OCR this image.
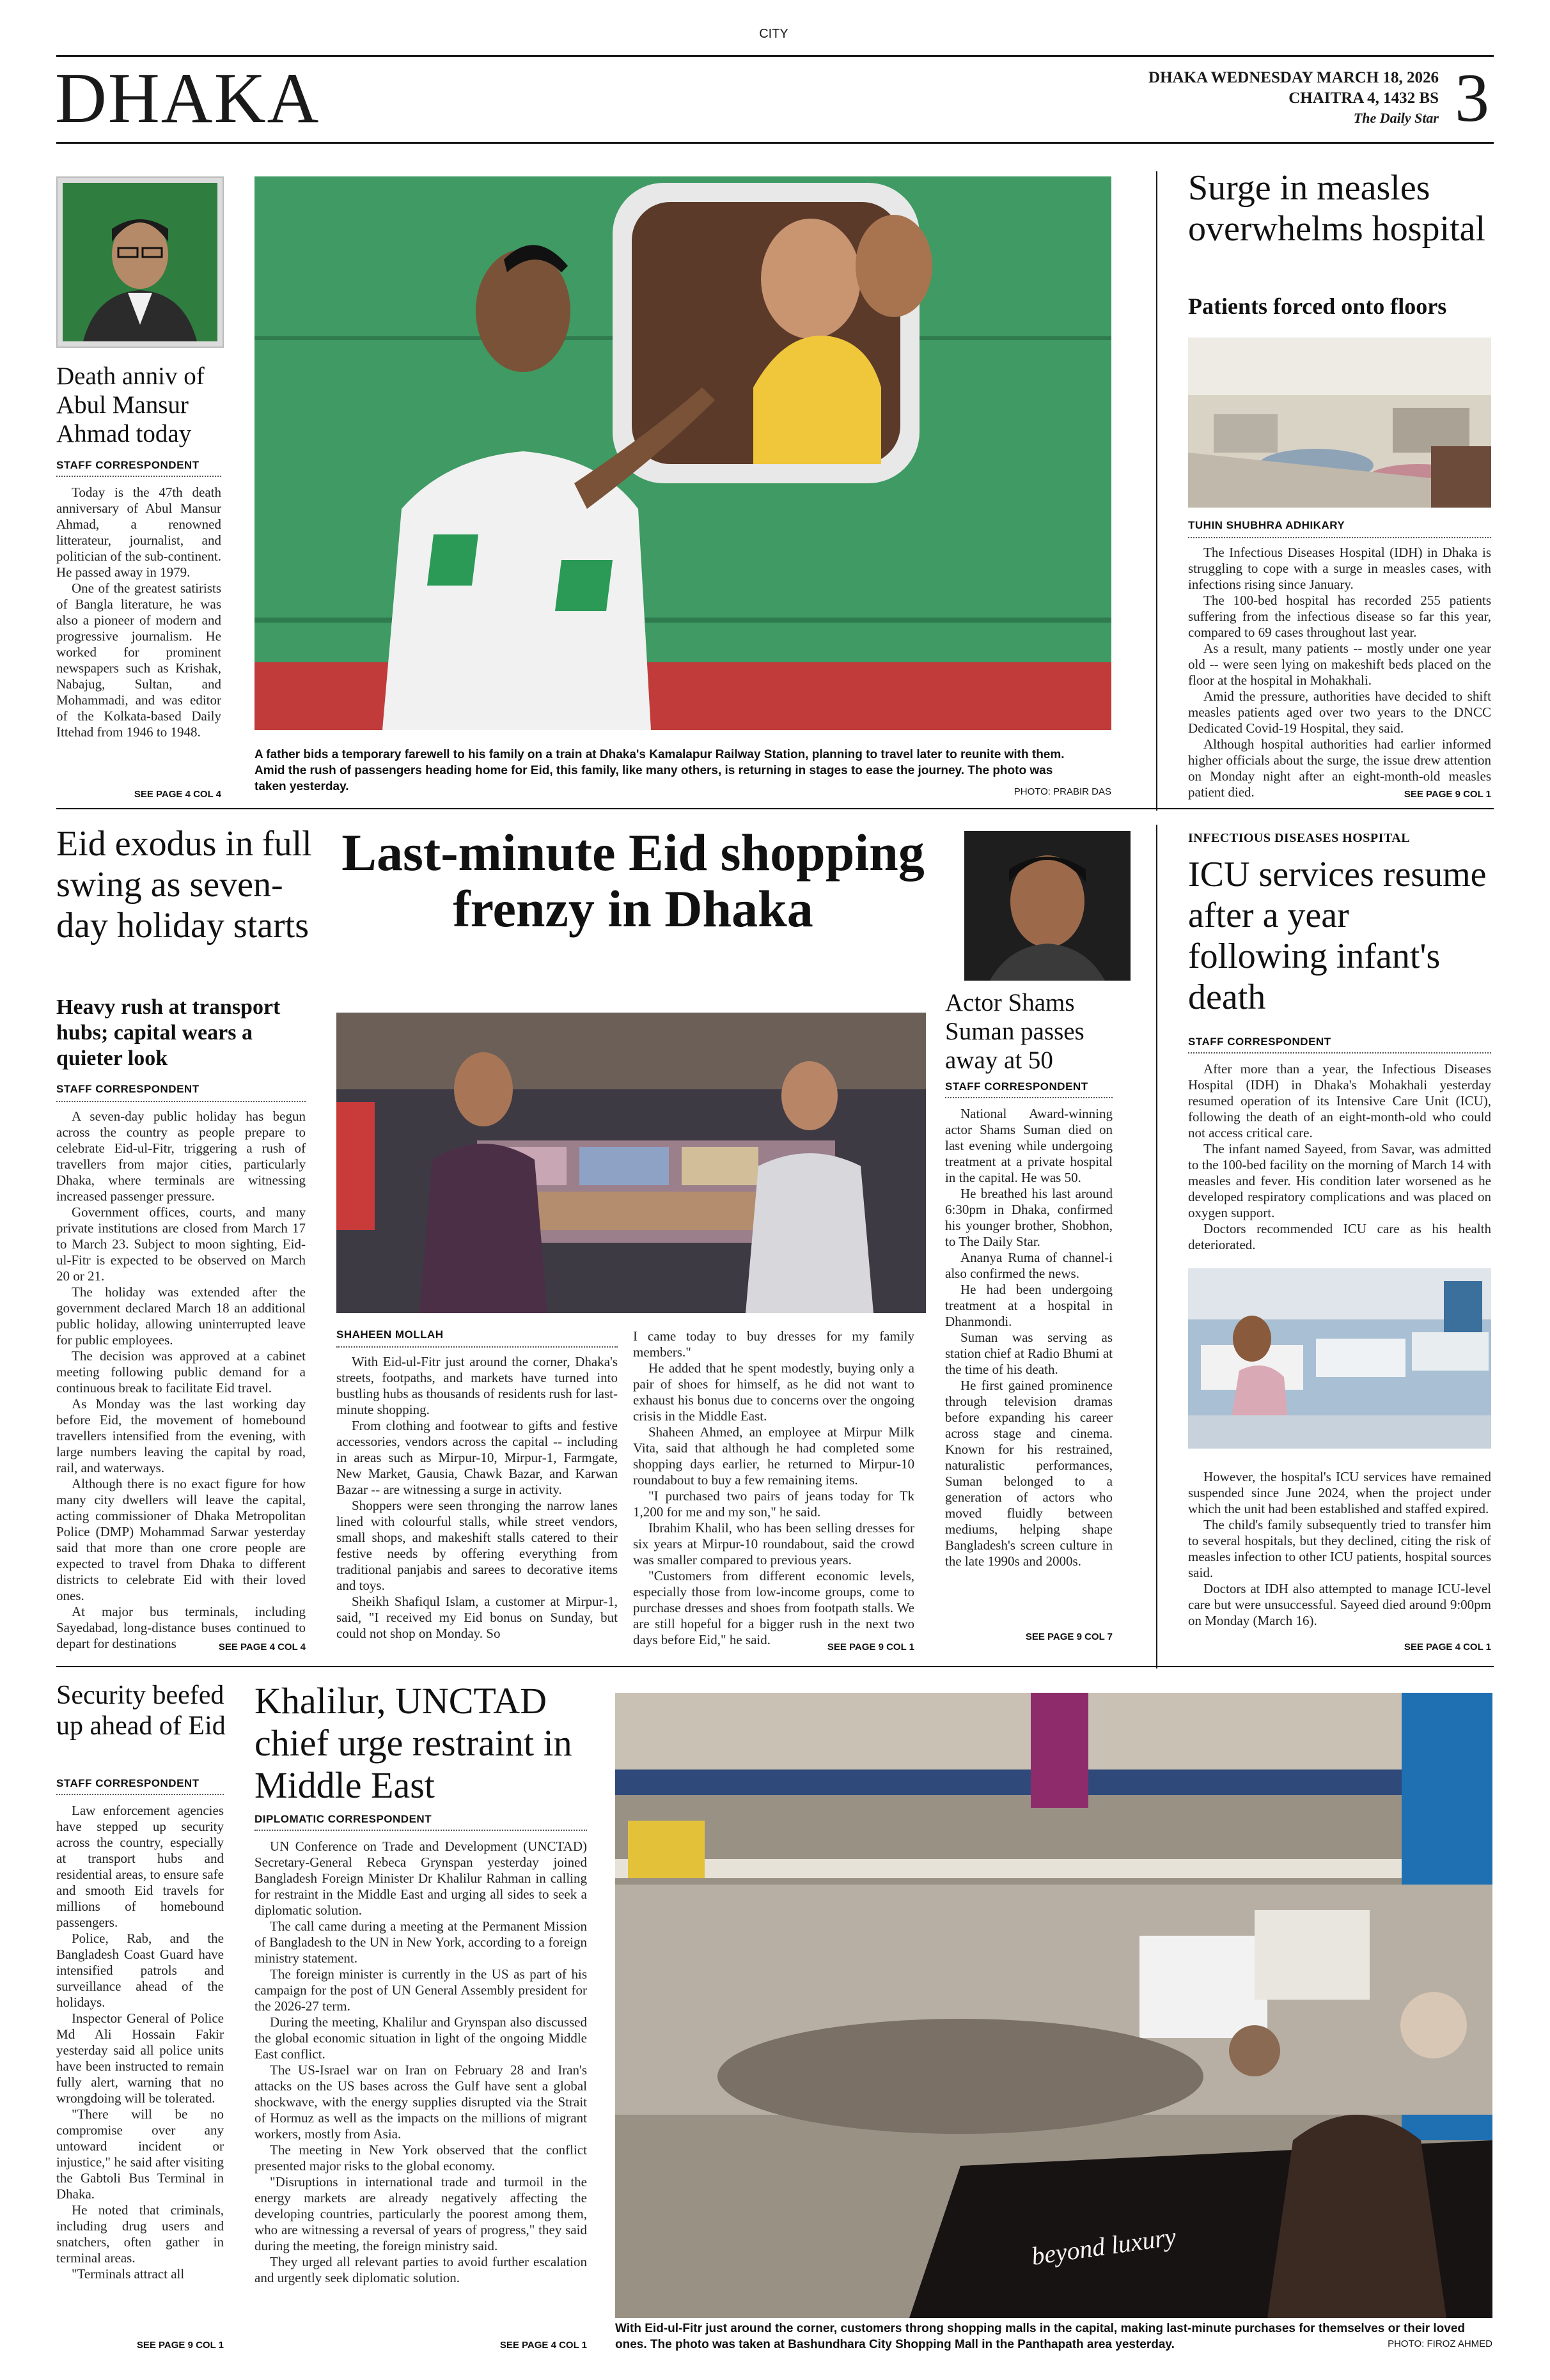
CITY
DHAKA	DHAKA WEDNESDAY MARCH 18, 2026
CHAITRA 4, 1432 BS
The Daily Star 3
Death anniv of Abul Mansur Ahmad today
STAFF CORRESPONDENT

Today is the 47th death anniversary of Abul Mansur Ahmad, a renowned litterateur, journalist, and politician of the sub-continent. He passed away in 1979.

One of the greatest satirists of Bangla literature, he was also a pioneer of modern and progressive journalism. He worked for prominent newspapers such as Krishak, Nabajug, Sultan, and Mohammadi, and was editor of the Kolkata-based Daily Ittehad from 1946 to 1948.

SEE PAGE 4 COL 4
A father bids a temporary farewell to his family on a train at Dhaka's Kamalapur Railway Station, planning to travel later to reunite with them. Amid the rush of passengers heading home for Eid, this family, like many others, is returning in stages to ease the journey. The photo was taken yesterday.	PHOTO: PRABIR DAS
Surge in measles overwhelms hospital
Patients forced onto floors
TUHIN SHUBHRA ADHIKARY

The Infectious Diseases Hospital (IDH) in Dhaka is struggling to cope with a surge in measles cases, with infections rising since January.

The 100-bed hospital has recorded 255 patients suffering from the infectious disease so far this year, compared to 69 cases throughout last year.

As a result, many patients -- mostly under one year old -- were seen lying on makeshift beds placed on the floor at the hospital in Mohakhali.

Amid the pressure, authorities have decided to shift measles patients aged over two years to the DNCC Dedicated Covid-19 Hospital, they said.

Although hospital authorities had earlier informed higher officials about the surge, the issue drew attention on Monday night after an eight-month-old measles patient died.	SEE PAGE 9 COL 1
Eid exodus in full swing as seven-day holiday starts
Heavy rush at transport hubs; capital wears a quieter look
STAFF CORRESPONDENT

A seven-day public holiday has begun across the country as people prepare to celebrate Eid-ul-Fitr, triggering a rush of travellers from major cities, particularly Dhaka, where terminals are witnessing increased passenger pressure.

Government offices, courts, and many private institutions are closed from March 17 to March 23. Subject to moon sighting, Eid-ul-Fitr is expected to be observed on March 20 or 21.

The holiday was extended after the government declared March 18 an additional public holiday, allowing uninterrupted leave for public employees.

The decision was approved at a cabinet meeting following public demand for a continuous break to facilitate Eid travel.

As Monday was the last working day before Eid, the movement of homebound travellers intensified from the evening, with large numbers leaving the capital by road, rail, and waterways.

Although there is no exact figure for how many city dwellers will leave the capital, acting commissioner of Dhaka Metropolitan Police (DMP) Mohammad Sarwar yesterday said that more than one crore people are expected to travel from Dhaka to different districts to celebrate Eid with their loved ones.

At major bus terminals, including Sayedabad, long-distance buses continued to depart for destinations	SEE PAGE 4 COL 4
Last-minute Eid shopping frenzy in Dhaka
SHAHEEN MOLLAH

With Eid-ul-Fitr just around the corner, Dhaka's streets, footpaths, and markets have turned into bustling hubs as thousands of residents rush for last-minute shopping.

From clothing and footwear to gifts and festive accessories, vendors across the capital -- including in areas such as Mirpur-10, Mirpur-1, Farmgate, New Market, Gausia, Chawk Bazar, and Karwan Bazar -- are witnessing a surge in activity.

Shoppers were seen thronging the narrow lanes lined with colourful stalls, while street vendors, small shops, and makeshift stalls catered to their festive needs by offering everything from traditional panjabis and sarees to decorative items and toys.

Sheikh Shafiqul Islam, a customer at Mirpur-1, said, "I received my Eid bonus on Sunday, but could not shop on Monday. So

I came today to buy dresses for my family members."

He added that he spent modestly, buying only a pair of shoes for himself, as he did not want to exhaust his bonus due to concerns over the ongoing crisis in the Middle East.

Shaheen Ahmed, an employee at Mirpur Milk Vita, said that although he had completed some shopping days earlier, he returned to Mirpur-10 roundabout to buy a few remaining items.

"I purchased two pairs of jeans today for Tk 1,200 for me and my son," he said.

Ibrahim Khalil, who has been selling dresses for six years at Mirpur-10 roundabout, said the crowd was smaller compared to previous years.

"Customers from different economic levels, especially those from low-income groups, come to purchase dresses and shoes from footpath stalls. We are still hopeful for a bigger rush in the next two days before Eid," he said.	SEE PAGE 9 COL 1
Actor Shams Suman passes away at 50
STAFF CORRESPONDENT

National Award-winning actor Shams Suman died on last evening while undergoing treatment at a private hospital in the capital. He was 50.

He breathed his last around 6:30pm in Dhaka, confirmed his younger brother, Shobhon, to The Daily Star.

Ananya Ruma of channel-i also confirmed the news.

He had been undergoing treatment at a hospital in Dhanmondi.

Suman was serving as station chief at Radio Bhumi at the time of his death.

He first gained prominence through television dramas before expanding his career across stage and cinema. Known for his restrained, naturalistic performances, Suman belonged to a generation of actors who moved fluidly between mediums, helping shape Bangladesh's screen culture in the late 1990s and 2000s.

SEE PAGE 9 COL 7
INFECTIOUS DISEASES HOSPITAL
ICU services resume after a year following infant's death
STAFF CORRESPONDENT

After more than a year, the Infectious Diseases Hospital (IDH) in Dhaka's Mohakhali yesterday resumed operation of its Intensive Care Unit (ICU), following the death of an eight-month-old who could not access critical care.

The infant named Sayeed, from Savar, was admitted to the 100-bed facility on the morning of March 14 with measles and fever. His condition later worsened as he developed respiratory complications and was placed on oxygen support.

Doctors recommended ICU care as his health deteriorated.

However, the hospital's ICU services have remained suspended since June 2024, when the project under which the unit had been established and staffed expired.

The child's family subsequently tried to transfer him to several hospitals, but they declined, citing the risk of measles infection to other ICU patients, hospital sources said.

Doctors at IDH also attempted to manage ICU-level care but were unsuccessful. Sayeed died around 9:00pm on Monday (March 16).

SEE PAGE 4 COL 1
Security beefed up ahead of Eid
STAFF CORRESPONDENT

Law enforcement agencies have stepped up security across the country, especially at transport hubs and residential areas, to ensure safe and smooth Eid travels for millions of homebound passengers.

Police, Rab, and the Bangladesh Coast Guard have intensified patrols and surveillance ahead of the holidays.

Inspector General of Police Md Ali Hossain Fakir yesterday said all police units have been instructed to remain fully alert, warning that no wrongdoing will be tolerated.

"There will be no compromise over any untoward incident or injustice," he said after visiting the Gabtoli Bus Terminal in Dhaka.

He noted that criminals, including drug users and snatchers, often gather in terminal areas.

"Terminals attract all

SEE PAGE 9 COL 1
Khalilur, UNCTAD chief urge restraint in Middle East
DIPLOMATIC CORRESPONDENT

UN Conference on Trade and Development (UNCTAD) Secretary-General Rebeca Grynspan yesterday joined Bangladesh Foreign Minister Dr Khalilur Rahman in calling for restraint in the Middle East and urging all sides to seek a diplomatic solution.

The call came during a meeting at the Permanent Mission of Bangladesh to the UN in New York, according to a foreign ministry statement.

The foreign minister is currently in the US as part of his campaign for the post of UN General Assembly president for the 2026-27 term.

During the meeting, Khalilur and Grynspan also discussed the global economic situation in light of the ongoing Middle East conflict.

The US-Israel war on Iran on February 28 and Iran's attacks on the US bases across the Gulf have sent a global shockwave, with the energy supplies disrupted via the Strait of Hormuz as well as the impacts on the millions of migrant workers, mostly from Asia.

The meeting in New York observed that the conflict presented major risks to the global economy.

"Disruptions in international trade and turmoil in the energy markets are already negatively affecting the developing countries, particularly the poorest among them, who are witnessing a reversal of years of progress," they said during the meeting, the foreign ministry said.

They urged all relevant parties to avoid further escalation and urgently seek diplomatic solution.

SEE PAGE 4 COL 1
beyond luxury
With Eid-ul-Fitr just around the corner, customers throng shopping malls in the capital, making last-minute purchases for themselves or their loved ones. The photo was taken at Bashundhara City Shopping Mall in the Panthapath area yesterday.	PHOTO: FIROZ AHMED
